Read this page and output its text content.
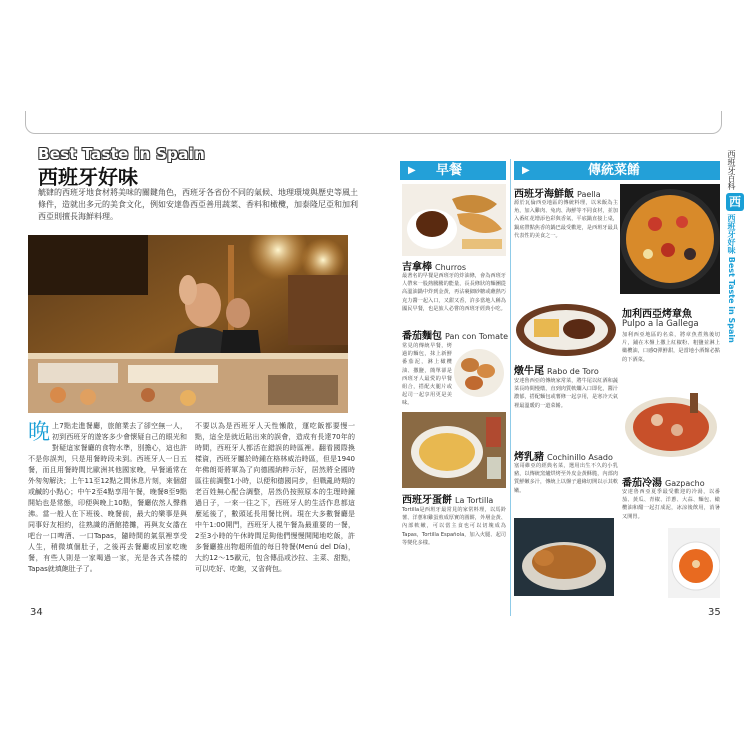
Best Taste in Spain
西班牙好味
觥肄的西班牙地食材將美味的關鍵角色，西班牙各省份不同的氣候、地理環境與歷史等風土條件，造就出多元的美食文化，例如安達魯西亞善用蔬菜、香料和橄欖，加泰隆尼亞和加利西亞則擅長海鮮料理。
晚 上7點走進餐廳，旅館業去了卻空無一人，初到西班牙的遊客多少會懷疑自己的眼光和對疑這家餐廳的食物水準，別擔心，這也許不是你誤判，只是用餐時段未到。西班牙人一日五餐，而且用餐時間比歐洲其他國家晚，早餐通常在外匆匆解決；上午11至12點之間休息片刻，來個甜或鹹的小點心；中午2至4點享用午餐，晚餐8至9點開始也是常態，印便與晚上10點，餐廳依然人聲鼎沸。當一般人在下班後、晚餐前，最大的樂事是與同事好友相約，往熟識的酒館捲攤，再與友女諧在吧台一口啤酒、一口Tapas，隨時間的氣氛裡享受人生，稍微填個肚子，之後再去餐廳或回家吃晚餐，有些人則是一家喝過一家，光是各式各樣的Tapas就填飽肚子了。
不要以為是西班牙人天性懶散，運吃飯都要慢一點，這全是就近貼出來的誤會，造成有長達70年的時間，西班牙人都活在錯誤的時區裡。翻看國際換樣資，西班牙屬於時鍾在格林威治時區，但是1940年佛朗哥將軍為了向德國納粹示好，居然將全國時區往前調整1小時，以便和德國同步，但戰亂時期的老百姓無心配合調整，居然仍按照原本的生理時鐘過日子，一來一往之下，西班牙人的生活作息都這麼延後了，數頭延長用餐比例。現在大多數餐廳是中午1:00開門，西班牙人視午餐為最重要的一餐，2至3小時的午休時間足夠他們慢慢開聞地吃飯，許多餐廳推出物超所值的每日特餐(Menú del Día)，大約12～15歐元，包含傳品或沙拉、主菜、甜點，可以吃好、吃飽，又省荷包。
34
▶ 早餐	▶	傳統菜餚
吉拿棒 Churros
最著名的早餐是西班牙的炸油條，會為西班牙人帶來一股熱騰騰的能量，長長條狀的麵團從高溫油鍋中炸到金黃，再沾裹細砂糖或蘸熱巧克力醬一起入口，又甜又香，許多當地人稱為國民早餐，也是旅人必嘗的西班牙經典小吃。
番茄麵包 Pan con Tomate
常見的傳統早餐，烤過的麵包，抹上新鮮番茄泥，淋上橄欖油、撒鹽，簡單卻是西班牙人最愛的早餐組合，搭配火腿片或起司一起享用更是美味。
西班牙蛋餅 La Tortilla
Tortilla是西班牙最常見的家常料理，以馬鈴薯、洋蔥和雞蛋煎成厚實的圓餅，外層金黃、內部軟嫩，可以當主食也可以切塊成為Tapas，Tortilla Española，加入火腿、起司等變化多樣。
西班牙海鮮飯 Paella
源於瓦倫西亞地區的傳統料理，以米飯為主角，加入雞肉、兔肉、海鮮等不同食材，並加入番紅花增添色彩與香氣，平底鍋直接上桌，鍋底帶點焦香的鍋巴最受歡迎，是西班牙最具代表性的美食之一。
燉牛尾 Rabo de Toro
安達魯西亞的傳統家常菜，將牛尾以紅酒和蔬菜長時間慢燉，直到肉質軟爛入口即化，醬汁濃郁，搭配麵包或薯條一起享用，是寒冷天氣裡最溫暖的一道菜餚。
加利西亞烤章魚
Pulpo a la Gallega
加利西亞地區的名菜，將章魚煮熟後切片，鋪在木盤上撒上紅椒粉、粗鹽並淋上橄欖油，口感Q彈鮮甜，是當地小酒館必點的下酒菜。
烤乳豬 Cochinillo Asado
塞哥維亞的經典名菜，選用出生不久的小乳豬，以傳統窯爐烘烤至外皮金黃酥脆，內部肉質鮮嫩多汁，傳統上以盤子邊緣切開以示其軟嫩。
番茄冷湯 Gazpacho
安達魯西亞夏季最受歡迎的冷湯，以番茄、黃瓜、青椒、洋蔥、大蒜、麵包、橄欖油和醋一起打成泥，冰涼後飲用，消暑又開胃。
西班牙百科
西
西班牙好味 Best Taste in Spain
35
